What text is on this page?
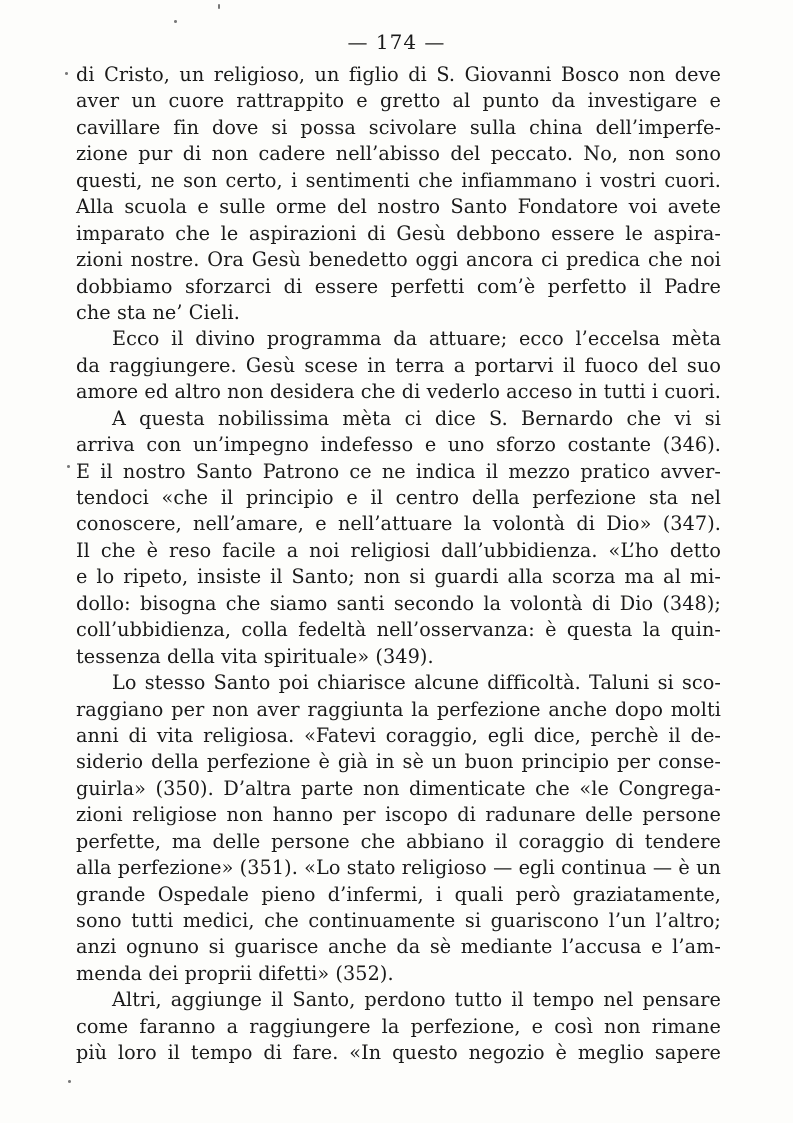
— 174 —
di Cristo, un religioso, un figlio di S. Giovanni Bosco non deve
aver un cuore rattrappito e gretto al punto da investigare e
cavillare fin dove si possa scivolare sulla china dell’imperfe-
zione pur di non cadere nell’abisso del peccato. No, non sono
questi, ne son certo, i sentimenti che infiammano i vostri cuori.
Alla scuola e sulle orme del nostro Santo Fondatore voi avete
imparato che le aspirazioni di Gesù debbono essere le aspira-
zioni nostre. Ora Gesù benedetto oggi ancora ci predica che noi
dobbiamo sforzarci di essere perfetti com’è perfetto il Padre
che sta ne’ Cieli.
Ecco il divino programma da attuare; ecco l’eccelsa mèta
da raggiungere. Gesù scese in terra a portarvi il fuoco del suo
amore ed altro non desidera che di vederlo acceso in tutti i cuori.
A questa nobilissima mèta ci dice S. Bernardo che vi si
arriva con un’impegno indefesso e uno sforzo costante (346).
E il nostro Santo Patrono ce ne indica il mezzo pratico avver-
tendoci «che il principio e il centro della perfezione sta nel
conoscere, nell’amare, e nell’attuare la volontà di Dio» (347).
Il che è reso facile a noi religiosi dall’ubbidienza. «L’ho detto
e lo ripeto, insiste il Santo; non si guardi alla scorza ma al mi-
dollo: bisogna che siamo santi secondo la volontà di Dio (348);
coll’ubbidienza, colla fedeltà nell’osservanza: è questa la quin-
tessenza della vita spirituale» (349).
Lo stesso Santo poi chiarisce alcune difficoltà. Taluni si sco-
raggiano per non aver raggiunta la perfezione anche dopo molti
anni di vita religiosa. «Fatevi coraggio, egli dice, perchè il de-
siderio della perfezione è già in sè un buon principio per conse-
guirla» (350). D’altra parte non dimenticate che «le Congrega-
zioni religiose non hanno per iscopo di radunare delle persone
perfette, ma delle persone che abbiano il coraggio di tendere
alla perfezione» (351). «Lo stato religioso — egli continua — è un
grande Ospedale pieno d’infermi, i quali però graziatamente,
sono tutti medici, che continuamente si guariscono l’un l’altro;
anzi ognuno si guarisce anche da sè mediante l’accusa e l’am-
menda dei proprii difetti» (352).
Altri, aggiunge il Santo, perdono tutto il tempo nel pensare
come faranno a raggiungere la perfezione, e così non rimane
più loro il tempo di fare. «In questo negozio è meglio sapere
